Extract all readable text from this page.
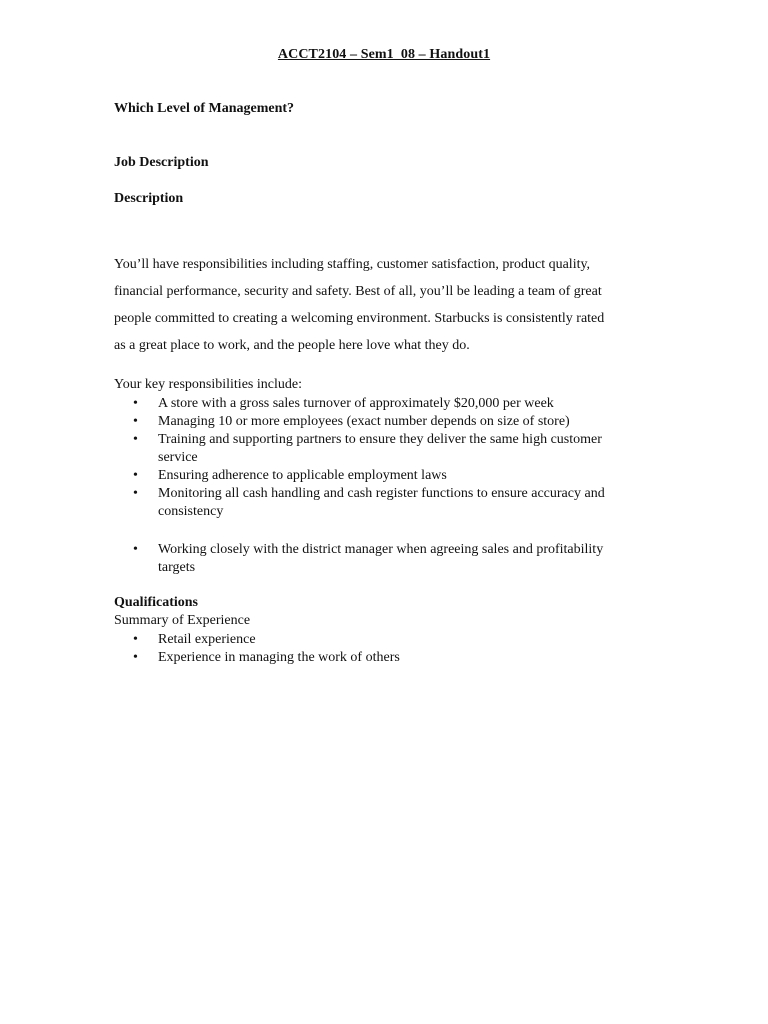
ACCT2104 – Sem1_08 – Handout1
Which Level of Management?
Job Description
Description
You’ll have responsibilities including staffing, customer satisfaction, product quality,
financial performance, security and safety. Best of all, you’ll be leading a team of great
people committed to creating a welcoming environment. Starbucks is consistently rated
as a great place to work, and the people here love what they do.
Your key responsibilities include:
• A store with a gross sales turnover of approximately $20,000 per week
• Managing 10 or more employees (exact number depends on size of store)
• Training and supporting partners to ensure they deliver the same high customer
service
• Ensuring adherence to applicable employment laws
• Monitoring all cash handling and cash register functions to ensure accuracy and
consistency
• Working closely with the district manager when agreeing sales and profitability
targets
Qualifications
Summary of Experience
• Retail experience
• Experience in managing the work of others
